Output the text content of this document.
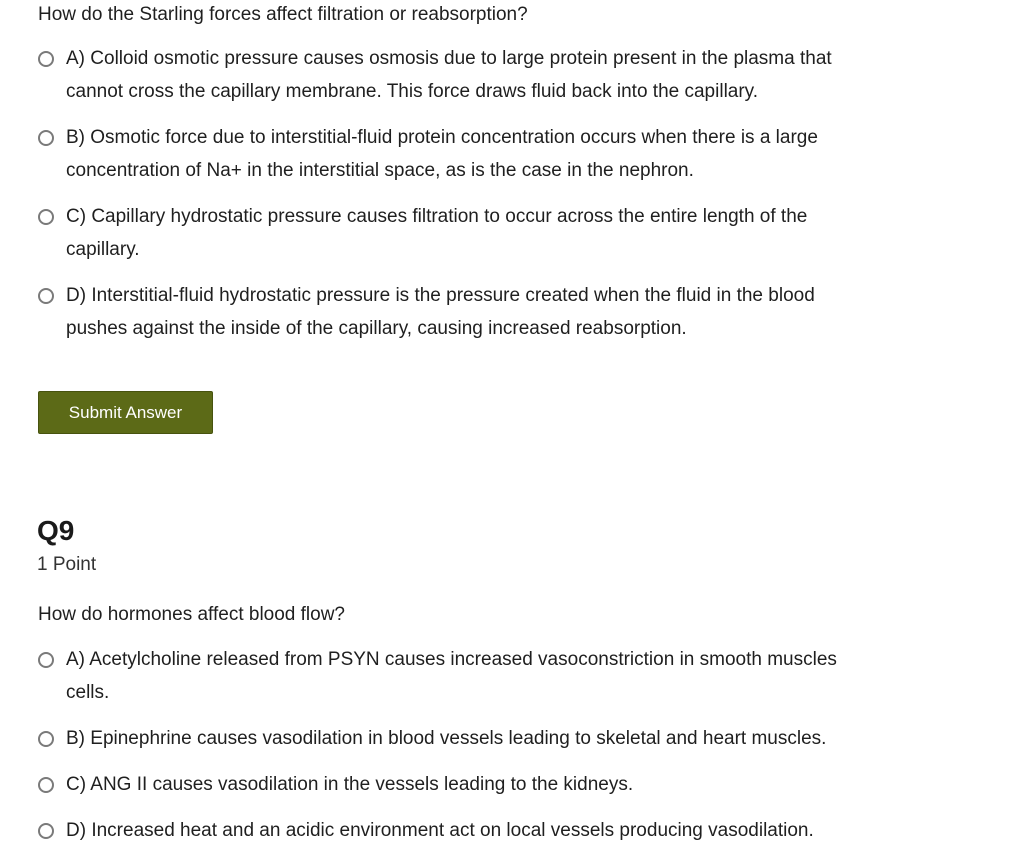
How do the Starling forces affect filtration or reabsorption?

A) Colloid osmotic pressure causes osmosis due to large protein present in the plasma that
cannot cross the capillary membrane. This force draws fluid back into the capillary.
B) Osmotic force due to interstitial-fluid protein concentration occurs when there is a large
concentration of Na+ in the interstitial space, as is the case in the nephron.
C) Capillary hydrostatic pressure causes filtration to occur across the entire length of the
capillary.
D) Interstitial-fluid hydrostatic pressure is the pressure created when the fluid in the blood
pushes against the inside of the capillary, causing increased reabsorption.
Submit Answer
Q9
1 Point

How do hormones affect blood flow?

A) Acetylcholine released from PSYN causes increased vasoconstriction in smooth muscles
cells.
B) Epinephrine causes vasodilation in blood vessels leading to skeletal and heart muscles.
C) ANG II causes vasodilation in the vessels leading to the kidneys.
D) Increased heat and an acidic environment act on local vessels producing vasodilation.
